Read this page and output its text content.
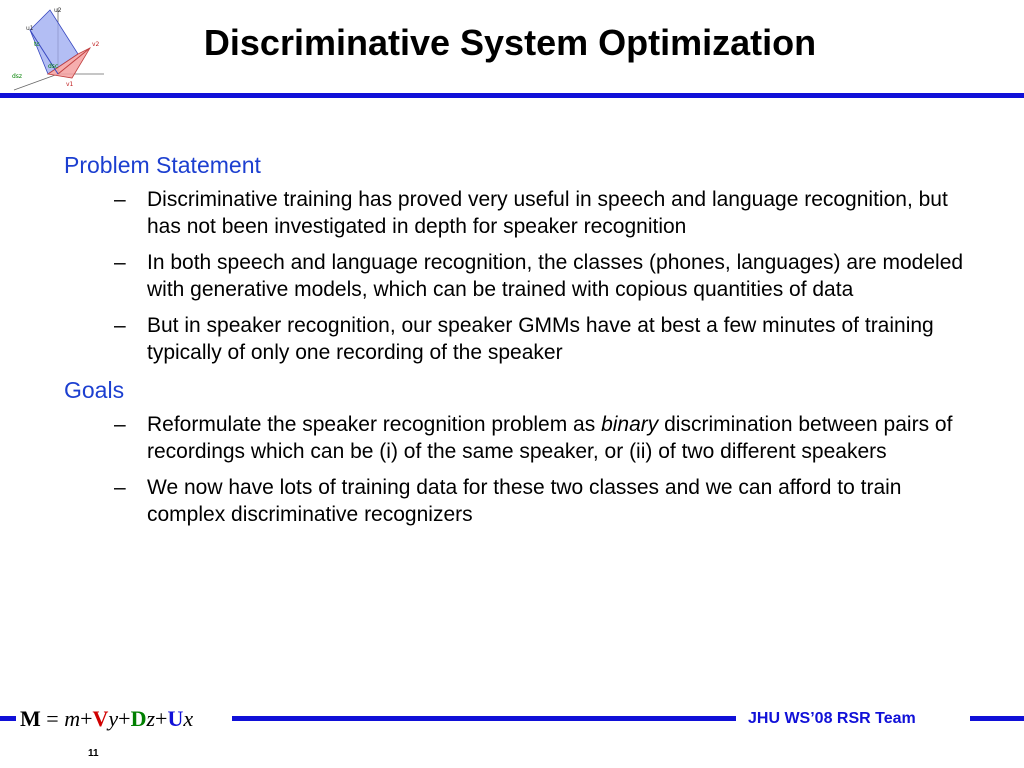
u2
u1
v2
v1
dsz
dsc
tc	Discriminative System Optimization
Problem Statement
– Discriminative training has proved very useful in speech and language recognition, but has not been investigated in depth for speaker recognition
– In both speech and language recognition, the classes (phones, languages) are modeled with generative models, which can be trained with copious quantities of data
– But in speaker recognition, our speaker GMMs have at best a few minutes of training typically of only one recording of the speaker
Goals
– Reformulate the speaker recognition problem as binary discrimination between pairs of recordings which can be (i) of the same speaker, or (ii) of two different speakers
– We now have lots of training data for these two classes and we can afford to train complex discriminative recognizers
M = m+Vy+Dz+Ux	JHU WS’08 RSR Team
11
